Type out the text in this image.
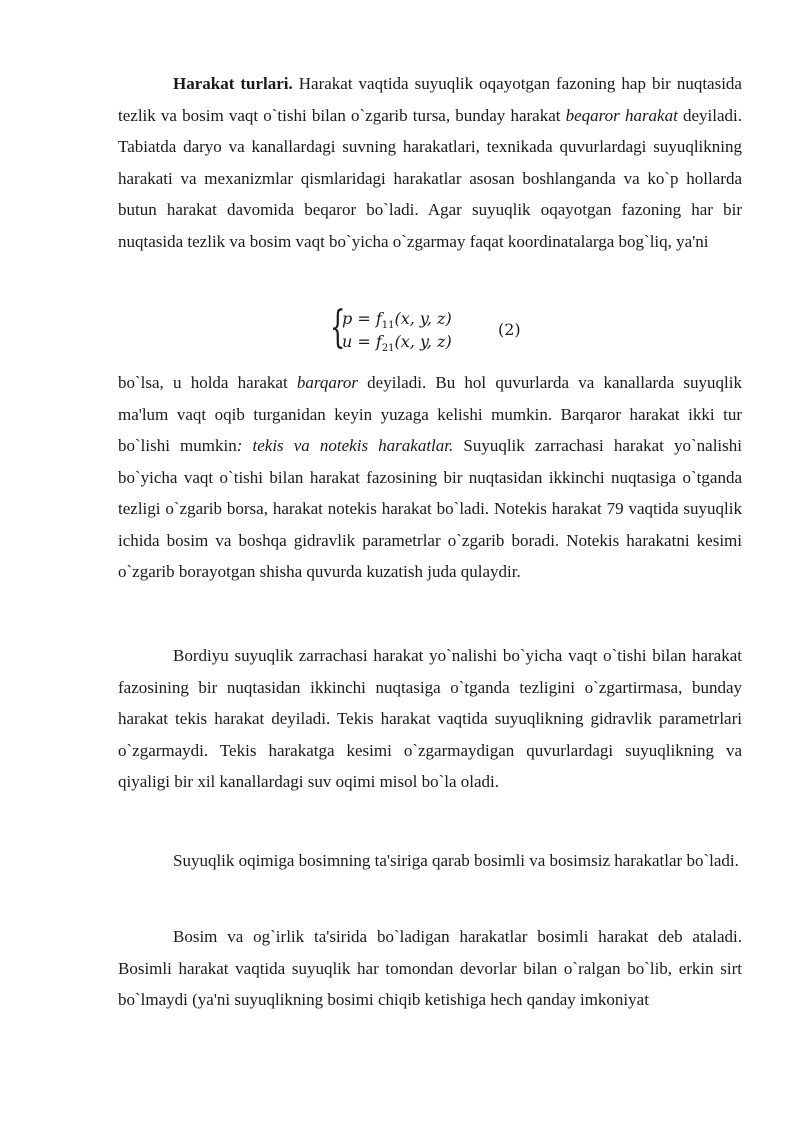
Harakat turlari. Harakat vaqtida suyuqlik oqayotgan fazoning hap bir nuqtasida tezlik va bosim vaqt o`tishi bilan o`zgarib tursa, bunday harakat beqaror harakat deyiladi. Tabiatda daryo va kanallardagi suvning harakatlari, texnikada quvurlardagi suyuqlikning harakati va mexanizmlar qismlaridagi harakatlar asosan boshlanganda va ko`p hollarda butun harakat davomida beqaror bo`ladi. Agar suyuqlik oqayotgan fazoning har bir nuqtasida tezlik va bosim vaqt bo`yicha o`zgarmay faqat koordinatalarga bog`liq, ya'ni

{
$p = f_{11}(x$, y, z)
$u = f_{21}(x$, y, z)
(2)

bo`lsa, u holda harakat barqaror deyiladi. Bu hol quvurlarda va kanallarda suyuqlik ma'lum vaqt oqib turganidan keyin yuzaga kelishi mumkin. Barqaror harakat ikki tur bo`lishi mumkin: tekis va notekis harakatlar. Suyuqlik zarrachasi harakat yo`nalishi bo`yicha vaqt o`tishi bilan harakat fazosining bir nuqtasidan ikkinchi nuqtasiga o`tganda tezligi o`zgarib borsa, harakat notekis harakat bo`ladi. Notekis harakat 79 vaqtida suyuqlik ichida bosim va boshqa gidravlik parametrlar o`zgarib boradi. Notekis harakatni kesimi o`zgarib borayotgan shisha quvurda kuzatish juda qulaydir.

Bordiyu suyuqlik zarrachasi harakat yo`nalishi bo`yicha vaqt o`tishi bilan harakat fazosining bir nuqtasidan ikkinchi nuqtasiga o`tganda tezligini o`zgartirmasa, bunday harakat tekis harakat deyiladi. Tekis harakat vaqtida suyuqlikning gidravlik parametrlari o`zgarmaydi. Tekis harakatga kesimi o`zgarmaydigan quvurlardagi suyuqlikning va qiyaligi bir xil kanallardagi suv oqimi misol bo`la oladi.

Suyuqlik oqimiga bosimning ta'siriga qarab bosimli va bosimsiz harakatlar bo`ladi.

Bosim va og`irlik ta'sirida bo`ladigan harakatlar bosimli harakat deb ataladi. Bosimli harakat vaqtida suyuqlik har tomondan devorlar bilan o`ralgan bo`lib, erkin sirt bo`lmaydi (ya'ni suyuqlikning bosimi chiqib ketishiga hech qanday imkoniyat
